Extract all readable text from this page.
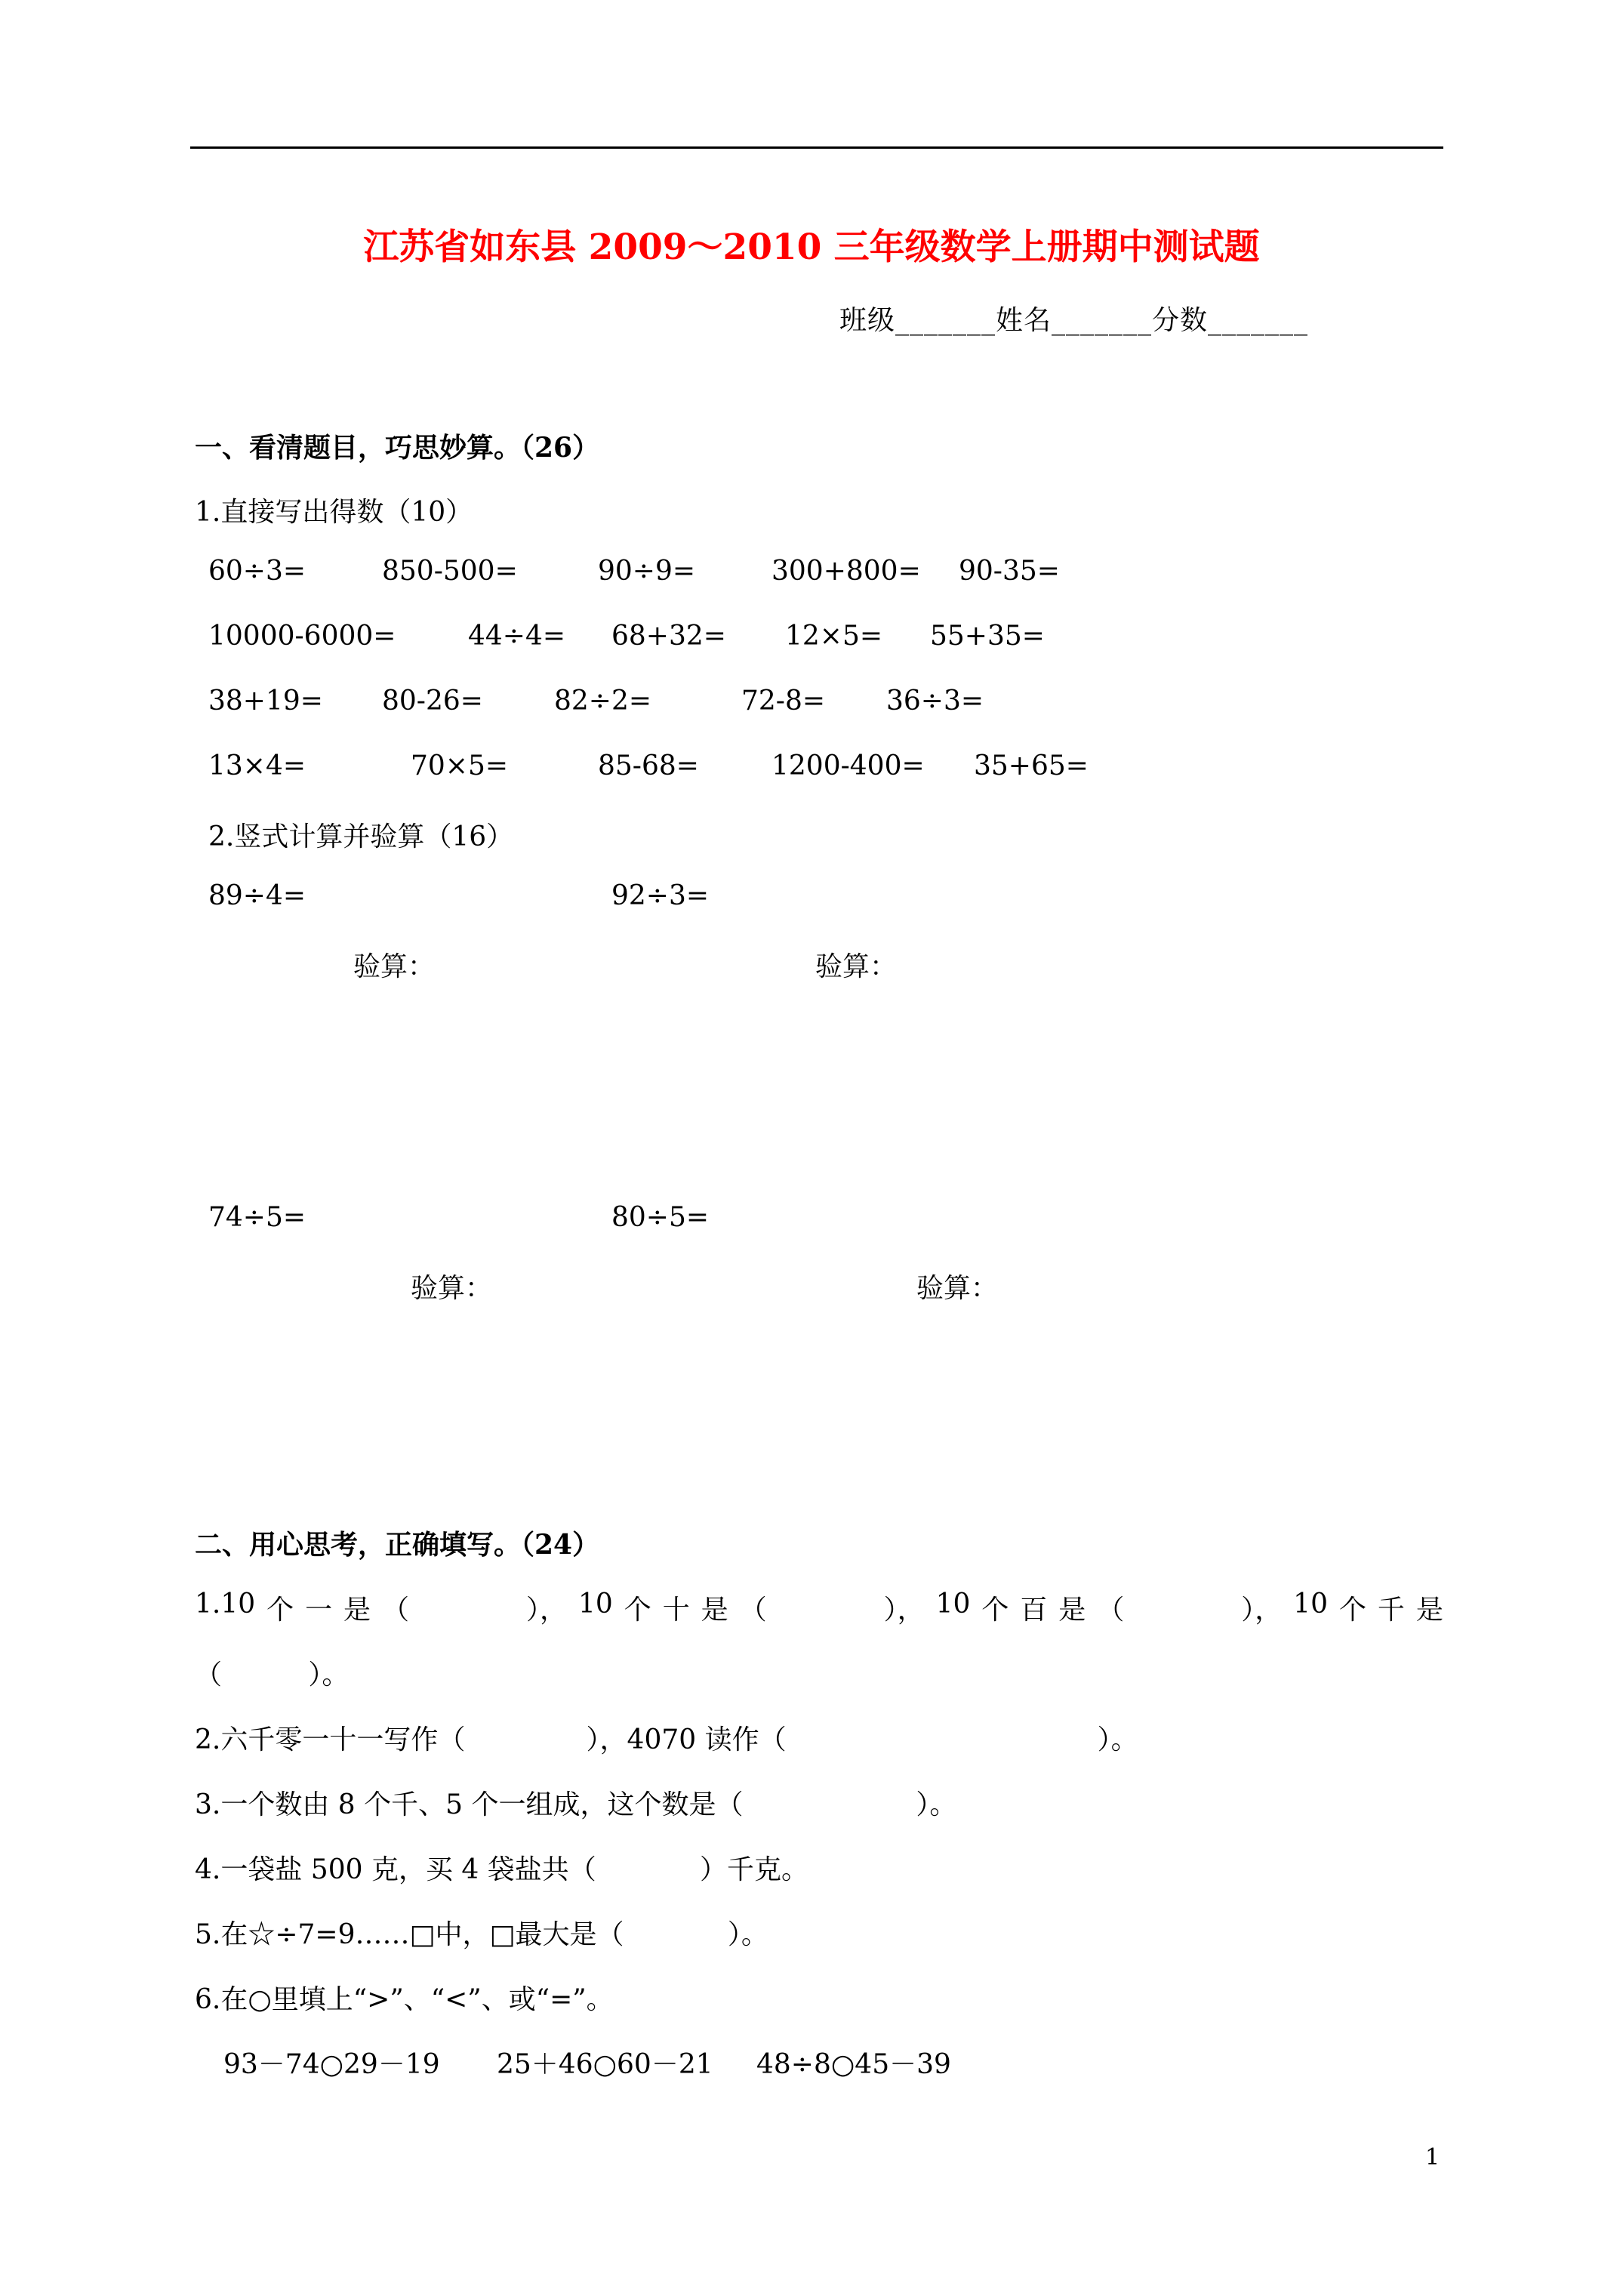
江苏省如东县 2009～2010 三年级数学上册期中测试题
班级_______姓名_______分数_______
一、看清题目，巧思妙算。（26）
1.直接写出得数（10）
60÷3=	850-500=	90÷9=	300+800= 90-35=
10000-6000=	44÷4= 68+32= 12×5= 55+35=
38+19= 80-26=	82÷2=	72-8= 36÷3=
13×4=	70×5=	85-68=	1200-400= 35+65=
2.竖式计算并验算（16）
89÷4=	92÷3=
验算：	验算：
74÷5=	80÷5=
验算：	验算：
二、用心思考，正确填写。（24）
1.10 个 一 是 （	）， 10 个 十 是 （	）， 10 个 百 是 （	）， 10 个 千 是
（          ）。
2.六千零一十一写作（              ），4070 读作（                                    ）。
3.一个数由 8 个千、5 个一组成，这个数是（                    ）。
4.一袋盐 500 克，买 4 袋盐共（            ）千克。
5.在☆÷7=9……□中，□最大是（            ）。
6.在○里填上“>”、“<”、或“=”。
93－74○29－19 25＋46○60－21 48÷8○45－39
1
